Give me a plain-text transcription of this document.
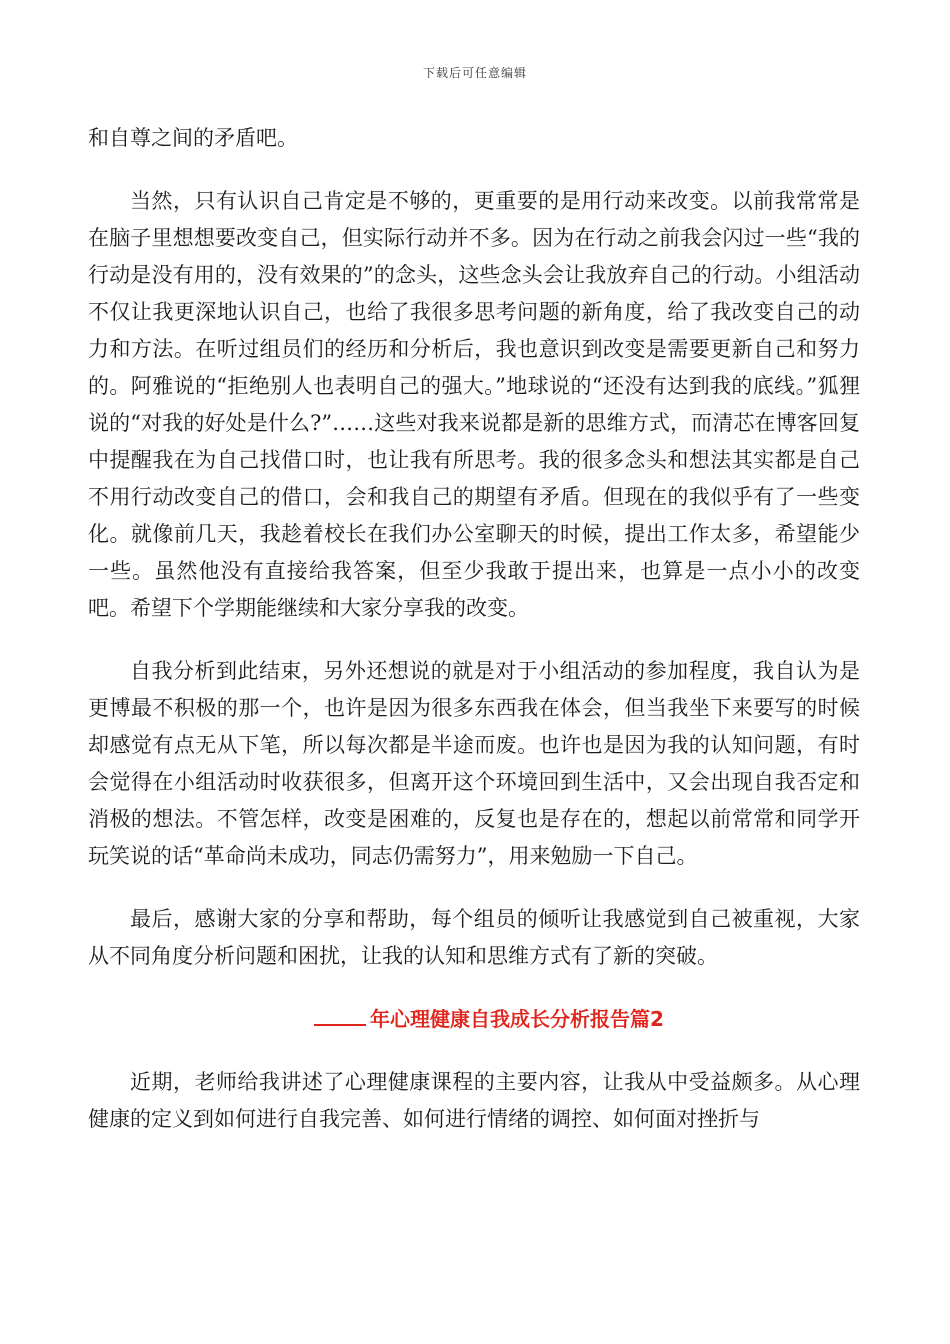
下载后可任意编辑

和自尊之间的矛盾吧。

当然，只有认识自己肯定是不够的，更重要的是用行动来改变。以前我常常是在脑子里想想要改变自己，但实际行动并不多。因为在行动之前我会闪过一些“我的行动是没有用的，没有效果的”的念头，这些念头会让我放弃自己的行动。小组活动不仅让我更深地认识自己，也给了我很多思考问题的新角度，给了我改变自己的动力和方法。在听过组员们的经历和分析后，我也意识到改变是需要更新自己和努力的。阿雅说的“拒绝别人也表明自己的强大。”地球说的“还没有达到我的底线。”狐狸说的“对我的好处是什么?”……这些对我来说都是新的思维方式，而清芯在博客回复中提醒我在为自己找借口时，也让我有所思考。我的很多念头和想法其实都是自己不用行动改变自己的借口，会和我自己的期望有矛盾。但现在的我似乎有了一些变化。就像前几天，我趁着校长在我们办公室聊天的时候，提出工作太多，希望能少一些。虽然他没有直接给我答案，但至少我敢于提出来，也算是一点小小的改变吧。希望下个学期能继续和大家分享我的改变。

自我分析到此结束，另外还想说的就是对于小组活动的参加程度，我自认为是更博最不积极的那一个，也许是因为很多东西我在体会，但当我坐下来要写的时候却感觉有点无从下笔，所以每次都是半途而废。也许也是因为我的认知问题，有时会觉得在小组活动时收获很多，但离开这个环境回到生活中，又会出现自我否定和消极的想法。不管怎样，改变是困难的，反复也是存在的，想起以前常常和同学开玩笑说的话“革命尚未成功，同志仍需努力”，用来勉励一下自己。

最后，感谢大家的分享和帮助，每个组员的倾听让我感觉到自己被重视，大家从不同角度分析问题和困扰，让我的认知和思维方式有了新的突破。

年心理健康自我成长分析报告篇2

近期，老师给我讲述了心理健康课程的主要内容，让我从中受益颇多。从心理健康的定义到如何进行自我完善、如何进行情绪的调控、如何面对挫折与
